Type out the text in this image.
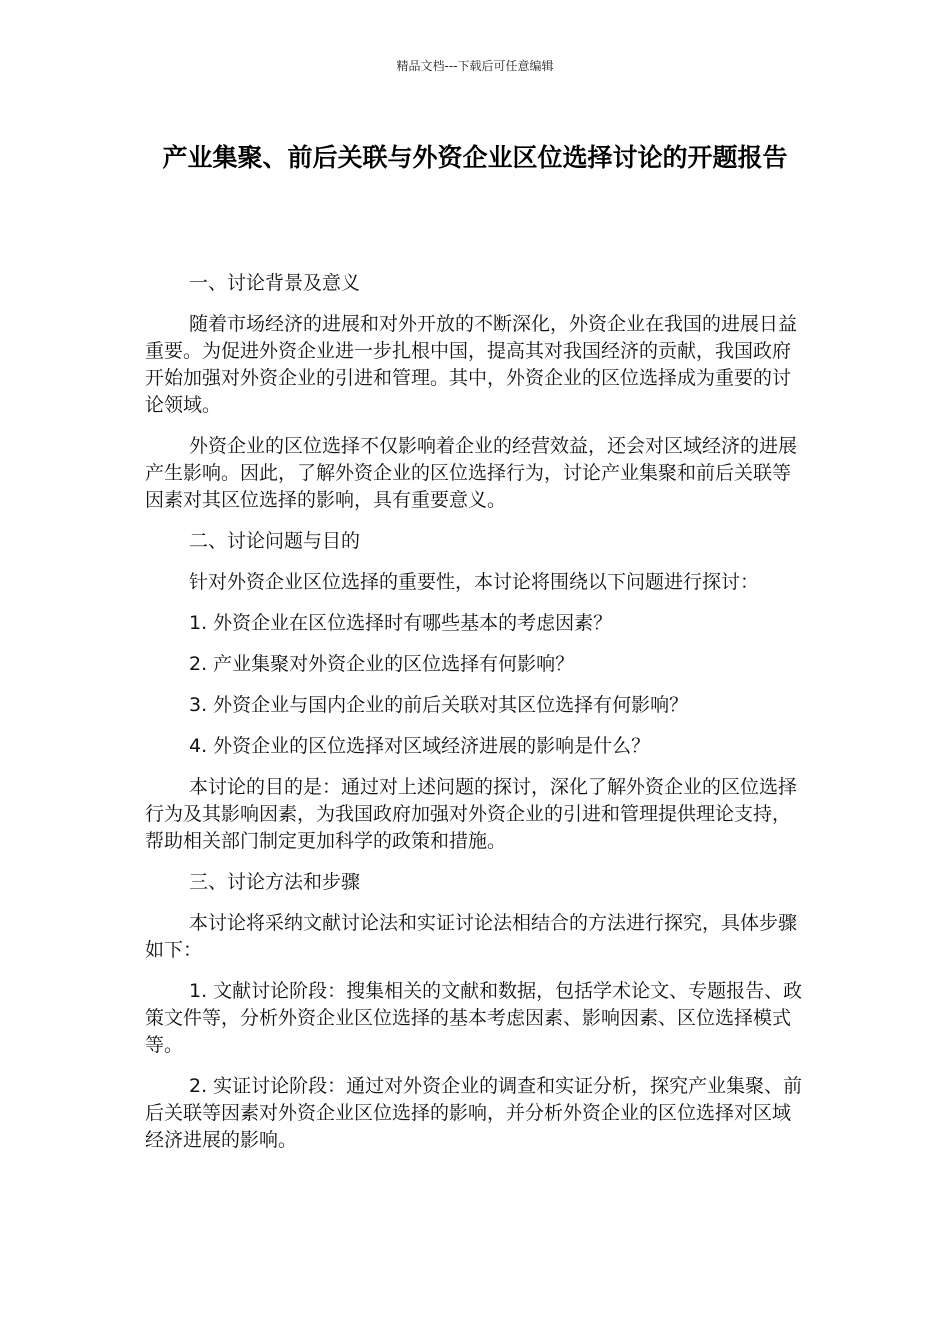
精品文档---下载后可任意编辑
产业集聚、前后关联与外资企业区位选择讨论的开题报告

一、讨论背景及意义

随着市场经济的进展和对外开放的不断深化，外资企业在我国的进展日益重要。为促进外资企业进一步扎根中国，提高其对我国经济的贡献，我国政府开始加强对外资企业的引进和管理。其中，外资企业的区位选择成为重要的讨论领域。

外资企业的区位选择不仅影响着企业的经营效益，还会对区域经济的进展产生影响。因此，了解外资企业的区位选择行为，讨论产业集聚和前后关联等因素对其区位选择的影响，具有重要意义。

二、讨论问题与目的

针对外资企业区位选择的重要性，本讨论将围绕以下问题进行探讨：

1. 外资企业在区位选择时有哪些基本的考虑因素？

2. 产业集聚对外资企业的区位选择有何影响？

3. 外资企业与国内企业的前后关联对其区位选择有何影响？

4. 外资企业的区位选择对区域经济进展的影响是什么？

本讨论的目的是：通过对上述问题的探讨，深化了解外资企业的区位选择行为及其影响因素，为我国政府加强对外资企业的引进和管理提供理论支持，帮助相关部门制定更加科学的政策和措施。

三、讨论方法和步骤

本讨论将采纳文献讨论法和实证讨论法相结合的方法进行探究，具体步骤如下：

1. 文献讨论阶段：搜集相关的文献和数据，包括学术论文、专题报告、政策文件等，分析外资企业区位选择的基本考虑因素、影响因素、区位选择模式等。

2. 实证讨论阶段：通过对外资企业的调查和实证分析，探究产业集聚、前后关联等因素对外资企业区位选择的影响，并分析外资企业的区位选择对区域经济进展的影响。
